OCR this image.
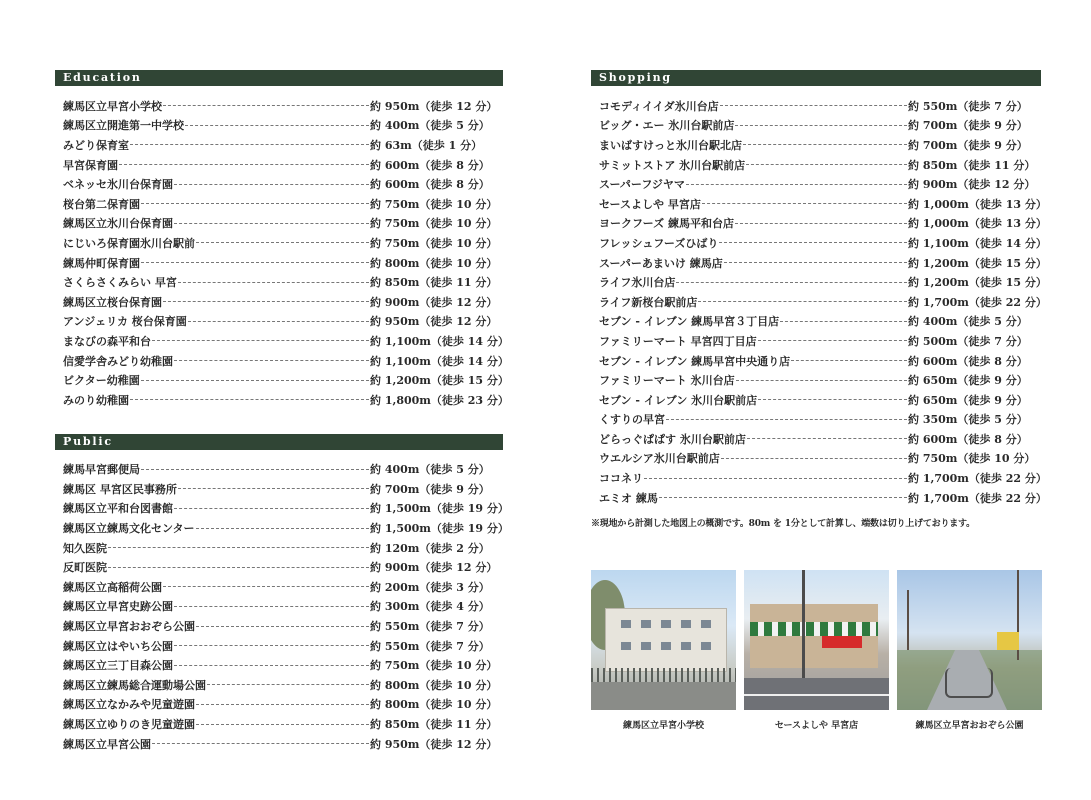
Education
練馬区立早宮小学校	約 950m（徒歩 12 分）
練馬区立開進第一中学校	約 400m（徒歩 5 分）
みどり保育室	約 63m（徒歩 1 分）
早宮保育園	約 600m（徒歩 8 分）
ベネッセ氷川台保育園	約 600m（徒歩 8 分）
桜台第二保育園	約 750m（徒歩 10 分）
練馬区立氷川台保育園	約 750m（徒歩 10 分）
にじいろ保育園氷川台駅前	約 750m（徒歩 10 分）
練馬仲町保育園	約 800m（徒歩 10 分）
さくらさくみらい 早宮	約 850m（徒歩 11 分）
練馬区立桜台保育園	約 900m（徒歩 12 分）
アンジェリカ 桜台保育園	約 950m（徒歩 12 分）
まなびの森平和台	約 1,100m（徒歩 14 分）
信愛学舎みどり幼稚園	約 1,100m（徒歩 14 分）
ビクター幼稚園	約 1,200m（徒歩 15 分）
みのり幼稚園	約 1,800m（徒歩 23 分）
Public
練馬早宮郵便局	約 400m（徒歩 5 分）
練馬区 早宮区民事務所	約 700m（徒歩 9 分）
練馬区立平和台図書館	約 1,500m（徒歩 19 分）
練馬区立練馬文化センター	約 1,500m（徒歩 19 分）
知久医院	約 120m（徒歩 2 分）
反町医院	約 900m（徒歩 12 分）
練馬区立高稲荷公園	約 200m（徒歩 3 分）
練馬区立早宮史跡公園	約 300m（徒歩 4 分）
練馬区立早宮おおぞら公園	約 550m（徒歩 7 分）
練馬区立はやいち公園	約 550m（徒歩 7 分）
練馬区立三丁目森公園	約 750m（徒歩 10 分）
練馬区立練馬総合運動場公園	約 800m（徒歩 10 分）
練馬区立なかみや児童遊園	約 800m（徒歩 10 分）
練馬区立ゆりのき児童遊園	約 850m（徒歩 11 分）
練馬区立早宮公園	約 950m（徒歩 12 分）
Shopping
コモディイイダ氷川台店	約 550m（徒歩 7 分）
ビッグ・エー 氷川台駅前店	約 700m（徒歩 9 分）
まいばすけっと氷川台駅北店	約 700m（徒歩 9 分）
サミットストア 氷川台駅前店	約 850m（徒歩 11 分）
スーパーフジヤマ	約 900m（徒歩 12 分）
セースよしや 早宮店	約 1,000m（徒歩 13 分）
ヨークフーズ 練馬平和台店	約 1,000m（徒歩 13 分）
フレッシュフーズひばり	約 1,100m（徒歩 14 分）
スーパーあまいけ 練馬店	約 1,200m（徒歩 15 分）
ライフ氷川台店	約 1,200m（徒歩 15 分）
ライフ新桜台駅前店	約 1,700m（徒歩 22 分）
セブン - イレブン 練馬早宮３丁目店	約 400m（徒歩 5 分）
ファミリーマート 早宮四丁目店	約 500m（徒歩 7 分）
セブン - イレブン 練馬早宮中央通り店	約 600m（徒歩 8 分）
ファミリーマート 氷川台店	約 650m（徒歩 9 分）
セブン - イレブン 氷川台駅前店	約 650m（徒歩 9 分）
くすりの早宮	約 350m（徒歩 5 分）
どらっぐぱぱす 氷川台駅前店	約 600m（徒歩 8 分）
ウエルシア氷川台駅前店	約 750m（徒歩 10 分）
ココネリ	約 1,700m（徒歩 22 分）
エミオ 練馬	約 1,700m（徒歩 22 分）
※現地から計測した地図上の概測です。80m を 1分として計算し、端数は切り上げております。
練馬区立早宮小学校	セースよしや 早宮店	練馬区立早宮おおぞら公園
